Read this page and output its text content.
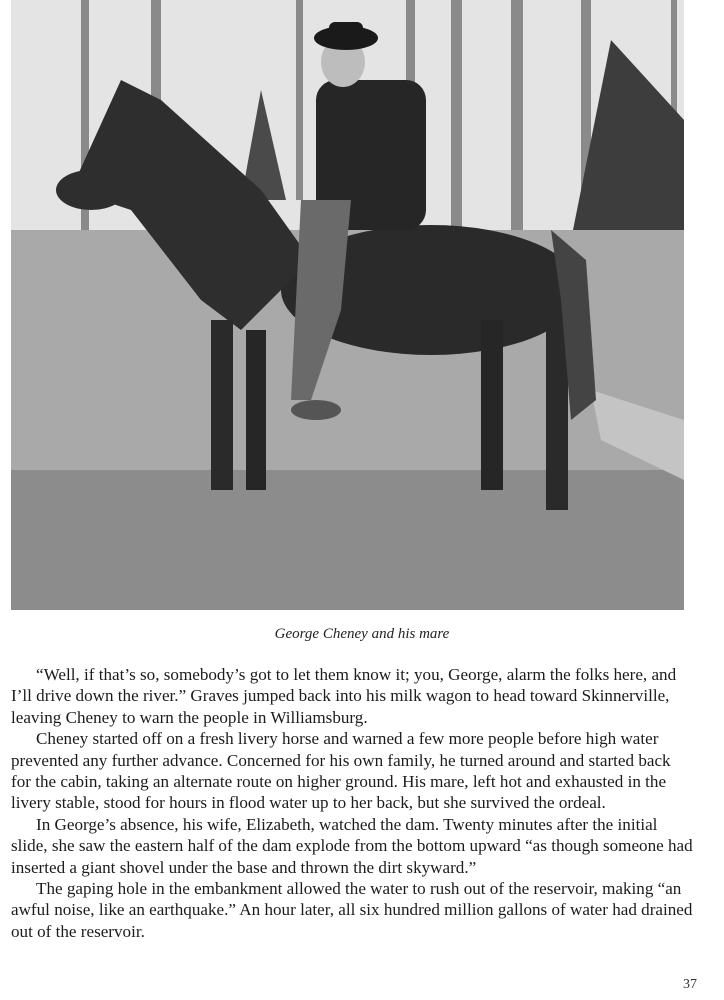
George Cheney and his mare

“Well, if that’s so, somebody’s got to let them know it; you, George, alarm the folks here, and I’ll drive down the river.” Graves jumped back into his milk wagon to head toward Skinnerville, leaving Cheney to warn the people in Williamsburg.

Cheney started off on a fresh livery horse and warned a few more people before high water prevented any further advance. Concerned for his own family, he turned around and started back for the cabin, taking an alternate route on higher ground. His mare, left hot and exhausted in the livery stable, stood for hours in flood water up to her back, but she survived the ordeal.

In George’s absence, his wife, Elizabeth, watched the dam. Twenty minutes after the initial slide, she saw the eastern half of the dam explode from the bottom upward “as though someone had inserted a giant shovel under the base and thrown the dirt skyward.”

The gaping hole in the embankment allowed the water to rush out of the reservoir, making “an awful noise, like an earthquake.” An hour later, all six hundred million gallons of water had drained out of the reservoir.

37
